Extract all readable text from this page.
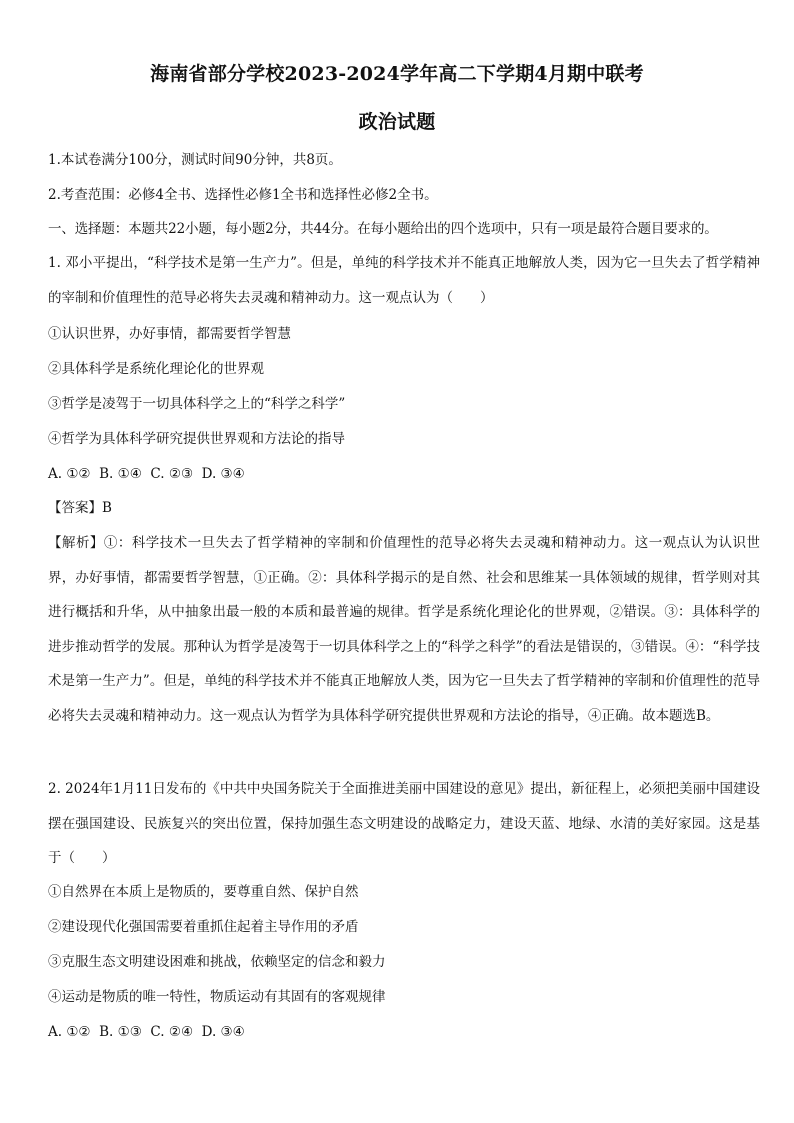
海南省部分学校2023-2024学年高二下学期4月期中联考
政治试题
1.本试卷满分100分，测试时间90分钟，共8页。
2.考查范围：必修4全书、选择性必修1全书和选择性必修2全书。
一、选择题：本题共22小题，每小题2分，共44分。在每小题给出的四个选项中，只有一项是最符合题目要求的。
1. 邓小平提出，“科学技术是第一生产力”。但是，单纯的科学技术并不能真正地解放人类，因为它一旦失去了哲学精神的宰制和价值理性的范导必将失去灵魂和精神动力。这一观点认为（　　）
①认识世界，办好事情，都需要哲学智慧
②具体科学是系统化理论化的世界观
③哲学是凌驾于一切具体科学之上的“科学之科学”
④哲学为具体科学研究提供世界观和方法论的指导
A. ①②  B. ①④  C. ②③  D. ③④
【答案】B
【解析】①：科学技术一旦失去了哲学精神的宰制和价值理性的范导必将失去灵魂和精神动力。这一观点认为认识世界，办好事情，都需要哲学智慧，①正确。②：具体科学揭示的是自然、社会和思维某一具体领域的规律，哲学则对其进行概括和升华，从中抽象出最一般的本质和最普遍的规律。哲学是系统化理论化的世界观，②错误。③：具体科学的进步推动哲学的发展。那种认为哲学是凌驾于一切具体科学之上的“科学之科学”的看法是错误的，③错误。④：“科学技术是第一生产力”。但是，单纯的科学技术并不能真正地解放人类，因为它一旦失去了哲学精神的宰制和价值理性的范导必将失去灵魂和精神动力。这一观点认为哲学为具体科学研究提供世界观和方法论的指导，④正确。故本题选B。
2. 2024年1月11日发布的《中共中央国务院关于全面推进美丽中国建设的意见》提出，新征程上，必须把美丽中国建设摆在强国建设、民族复兴的突出位置，保持加强生态文明建设的战略定力，建设天蓝、地绿、水清的美好家园。这是基于（　　）
①自然界在本质上是物质的，要尊重自然、保护自然
②建设现代化强国需要着重抓住起着主导作用的矛盾
③克服生态文明建设困难和挑战，依赖坚定的信念和毅力
④运动是物质的唯一特性，物质运动有其固有的客观规律
A. ①②  B. ①③  C. ②④  D. ③④
